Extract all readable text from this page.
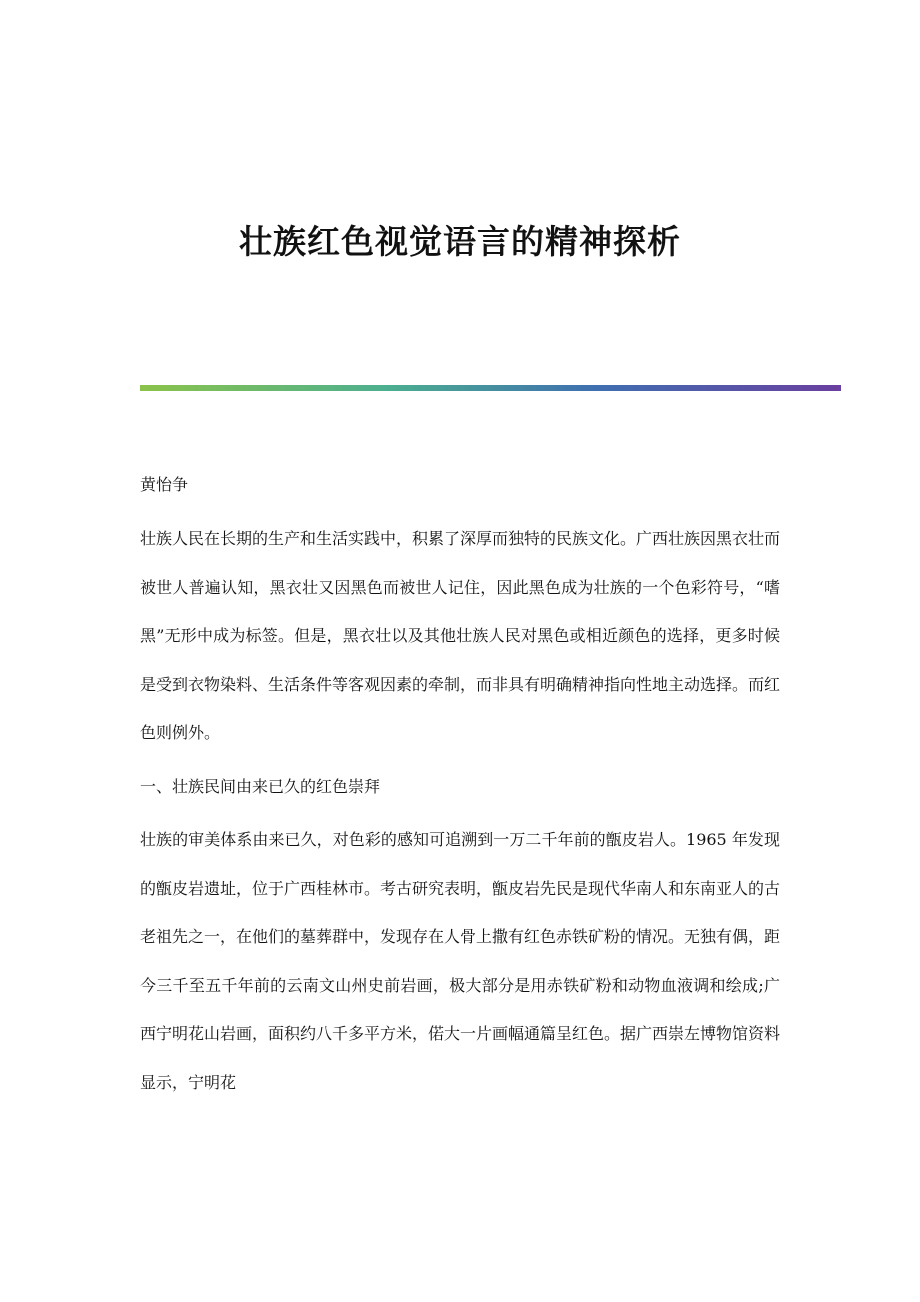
壮族红色视觉语言的精神探析

黄怡争

壮族人民在长期的生产和生活实践中，积累了深厚而独特的民族文化。广西壮族因黑衣壮而被世人普遍认知，黑衣壮又因黑色而被世人记住，因此黑色成为壮族的一个色彩符号，“嗜黑”无形中成为标签。但是，黑衣壮以及其他壮族人民对黑色或相近颜色的选择，更多时候是受到衣物染料、生活条件等客观因素的牵制，而非具有明确精神指向性地主动选择。而红色则例外。

一、壮族民间由来已久的红色崇拜

壮族的审美体系由来已久，对色彩的感知可追溯到一万二千年前的甑皮岩人。1965 年发现的甑皮岩遗址，位于广西桂林市。考古研究表明，甑皮岩先民是现代华南人和东南亚人的古老祖先之一，在他们的墓葬群中，发现存在人骨上撒有红色赤铁矿粉的情况。无独有偶，距今三千至五千年前的云南文山州史前岩画，极大部分是用赤铁矿粉和动物血液调和绘成;广西宁明花山岩画，面积约八千多平方米，偌大一片画幅通篇呈红色。据广西崇左博物馆资料显示，宁明花
